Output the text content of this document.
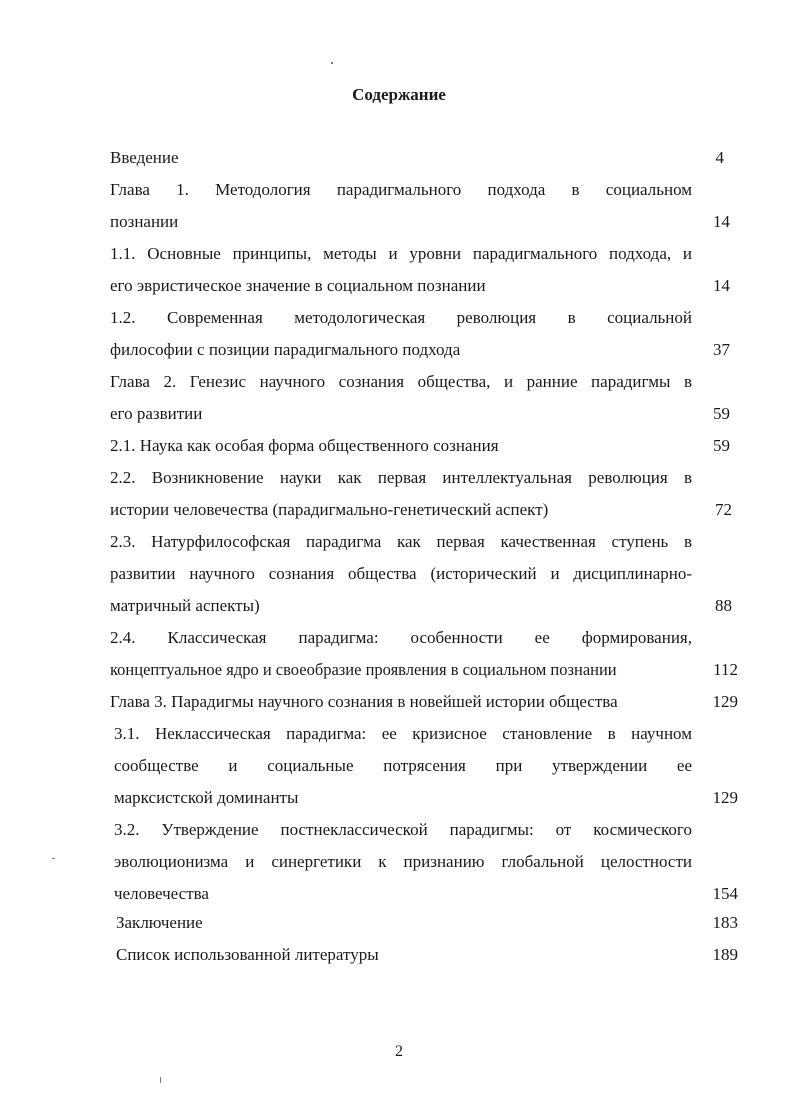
Содержание
Введение	4
Глава 1. Методология парадигмального подхода в социальном
познании	14
1.1. Основные принципы, методы и уровни парадигмального подхода, и
его эвристическое значение в социальном познании	14
1.2. Современная методологическая революция в социальной
философии с позиции парадигмального подхода	37
Глава 2. Генезис научного сознания общества, и ранние парадигмы в
его развитии	59
2.1. Наука как особая форма общественного сознания	59
2.2. Возникновение науки как первая интеллектуальная революция в
истории человечества (парадигмально-генетический аспект)	72
2.3. Натурфилософская парадигма как первая качественная ступень в
развитии научного сознания общества (исторический и дисциплинарно-
матричный аспекты)	88
2.4. Классическая парадигма: особенности ее формирования,
концептуальное ядро и своеобразие проявления в социальном познании	112
Глава 3. Парадигмы научного сознания в новейшей истории общества	129
3.1. Неклассическая парадигма: ее кризисное становление в научном
сообществе и социальные потрясения при утверждении ее
марксистской доминанты	129
3.2. Утверждение постнеклассической парадигмы: от космического
эволюционизма и синергетики к признанию глобальной целостности
человечества	154
Заключение	183
Список использованной литературы	189
2
